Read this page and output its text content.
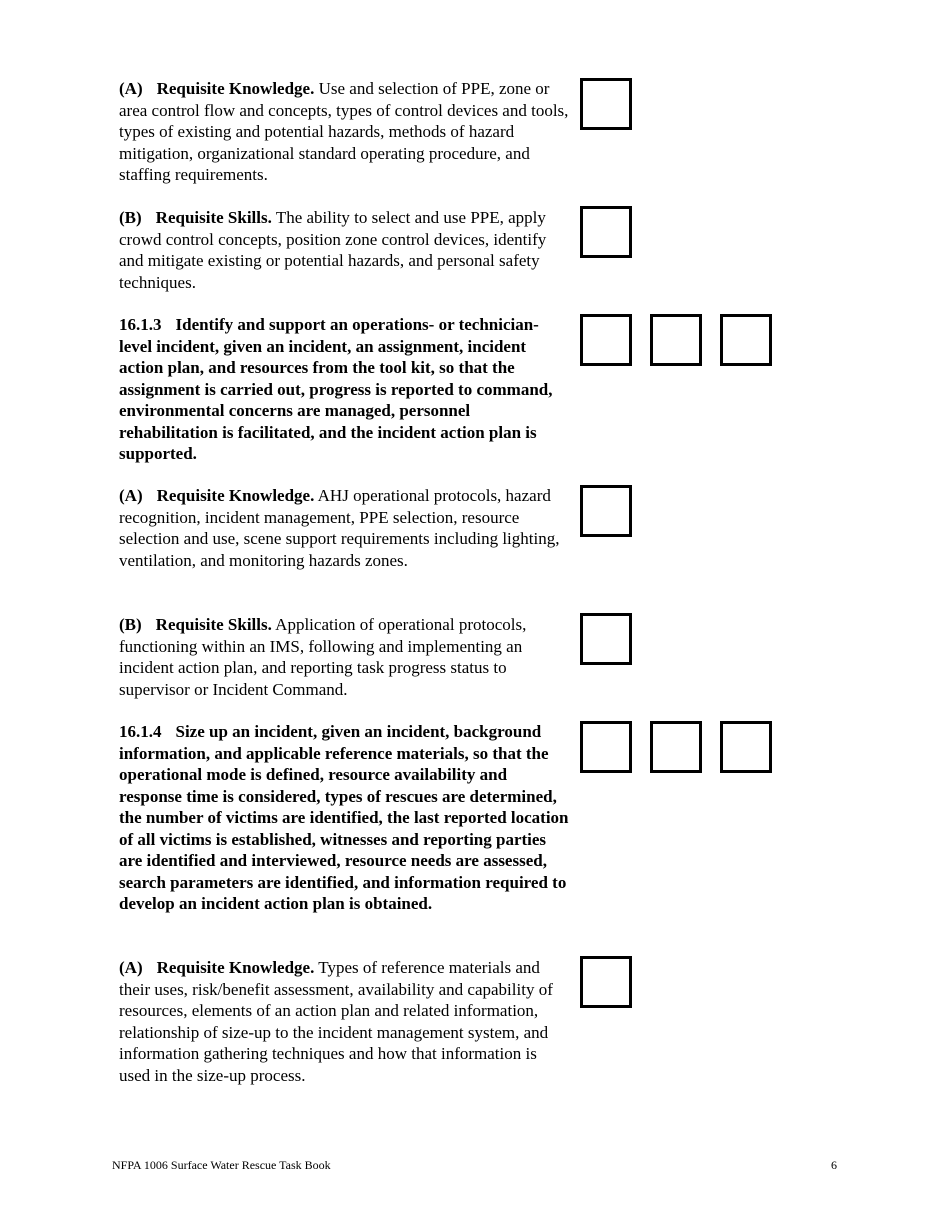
(A) Requisite Knowledge. Use and selection of PPE, zone or area control flow and concepts, types of control devices and tools, types of existing and potential hazards, methods of hazard mitigation, organizational standard operating procedure, and staffing requirements.
(B) Requisite Skills. The ability to select and use PPE, apply crowd control concepts, position zone control devices, identify and mitigate existing or potential hazards, and personal safety techniques.
16.1.3 Identify and support an operations- or technician-level incident, given an incident, an assignment, incident action plan, and resources from the tool kit, so that the assignment is carried out, progress is reported to command, environmental concerns are managed, personnel rehabilitation is facilitated, and the incident action plan is supported.
(A) Requisite Knowledge. AHJ operational protocols, hazard recognition, incident management, PPE selection, resource selection and use, scene support requirements including lighting, ventilation, and monitoring hazards zones.
(B) Requisite Skills. Application of operational protocols, functioning within an IMS, following and implementing an incident action plan, and reporting task progress status to supervisor or Incident Command.
16.1.4 Size up an incident, given an incident, background information, and applicable reference materials, so that the operational mode is defined, resource availability and response time is considered, types of rescues are determined, the number of victims are identified, the last reported location of all victims is established, witnesses and reporting parties are identified and interviewed, resource needs are assessed, search parameters are identified, and information required to develop an incident action plan is obtained.
(A) Requisite Knowledge. Types of reference materials and their uses, risk/benefit assessment, availability and capability of resources, elements of an action plan and related information, relationship of size-up to the incident management system, and information gathering techniques and how that information is used in the size-up process.
NFPA 1006 Surface Water Rescue Task Book	6
